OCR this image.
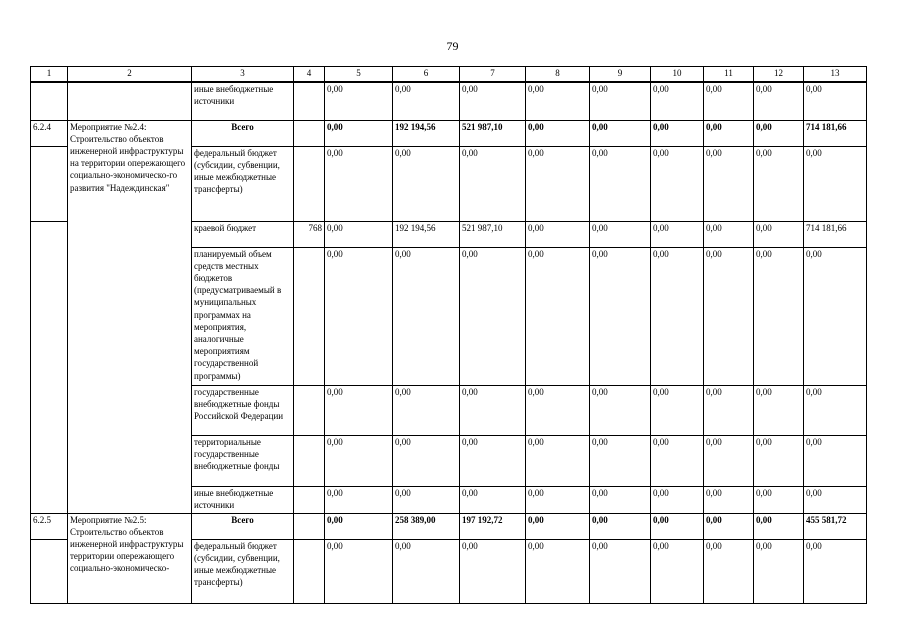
79
1	2	3	4	5	6	7	8	9	10	11	12	13
		иные внебюджетные источники		0,00	0,00	0,00	0,00	0,00	0,00	0,00	0,00	0,00
6.2.4	Мероприятие №2.4: Строительство объектов инженерной инфраструктуры на территории опережающего социально-экономическо-го развития "Надеждинская"	Всего		0,00	192 194,56	521 987,10	0,00	0,00	0,00	0,00	0,00	714 181,66
		федеральный бюджет (субсидии, субвенции, иные межбюджетные трансферты)		0,00	0,00	0,00	0,00	0,00	0,00	0,00	0,00	0,00
		краевой бюджет	768	0,00	192 194,56	521 987,10	0,00	0,00	0,00	0,00	0,00	714 181,66
		планируемый объем средств местных бюджетов (предусматриваемый в муниципальных программах на мероприятия, аналогичные мероприятиям государственной программы)		0,00	0,00	0,00	0,00	0,00	0,00	0,00	0,00	0,00
		государственные внебюджетные фонды Российской Федерации		0,00	0,00	0,00	0,00	0,00	0,00	0,00	0,00	0,00
		территориальные государственные внебюджетные фонды		0,00	0,00	0,00	0,00	0,00	0,00	0,00	0,00	0,00
		иные внебюджетные источники		0,00	0,00	0,00	0,00	0,00	0,00	0,00	0,00	0,00
6.2.5	Мероприятие №2.5: Строительство объектов инженерной инфраструктуры территории опережающего социально-экономическо-	Всего		0,00	258 389,00	197 192,72	0,00	0,00	0,00	0,00	0,00	455 581,72
		федеральный бюджет (субсидии, субвенции, иные межбюджетные трансферты)		0,00	0,00	0,00	0,00	0,00	0,00	0,00	0,00	0,00
